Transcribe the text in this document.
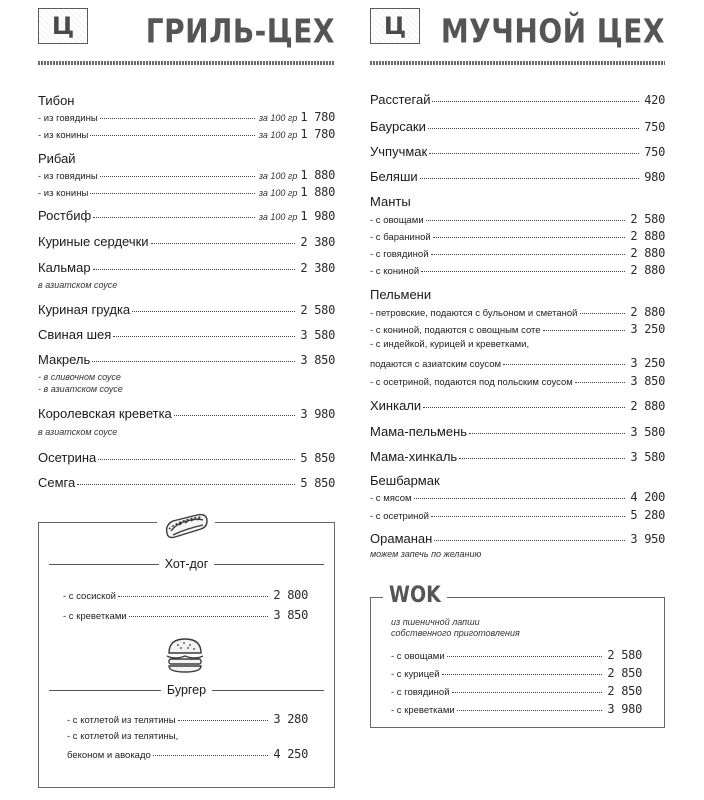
Ц	ГРИЛЬ-ЦЕХ
Тибон
- из говядины	за 100 гр 1 780
- из конины	за 100 гр 1 780
Рибай
- из говядины	за 100 гр 1 880
- из конины	за 100 гр 1 880
Ростбиф	за 100 гр 1 980
Куриные сердечки	2 380
Кальмар	2 380
в азиатском соусе
Куриная грудка	2 580
Свиная шея	3 580
Макрель	3 850
- в сливочном соусе
- в азиатском соусе
Королевская креветка	3 980
в азиатском соусе
Осетрина	5 850
Семга	5 850
Хот-дог
- с сосиской	2 800
- с креветками	3 850
Бургер
- с котлетой из телятины	3 280
- с котлетой из телятины,
беконом и авокадо	4 250
Ц	МУЧНОЙ ЦЕХ
Расстегай	420
Баурсаки	750
Учпучмак	750
Беляши	980
Манты
- с овощами	2 580
- с бараниной	2 880
- с говядиной	2 880
- с кониной	2 880
Пельмени
- петровские, подаются с бульоном и сметаной	2 880
- с кониной, подаются с овощным соте	3 250
- с индейкой, курицей и креветками,
подаются с азиатским соусом	3 250
- с осетриной, подаются под польским соусом	3 850
Хинкали	2 880
Мама-пельмень	3 580
Мама-хинкаль	3 580
Бешбармак
- с мясом	4 200
- с осетриной	5 280
Ораманан	3 950
можем запечь по желанию
WOK
из пшеничной лапши
собственного приготовления
- с овощами	2 580
- с курицей	2 850
- с говядиной	2 850
- с креветками	3 980
